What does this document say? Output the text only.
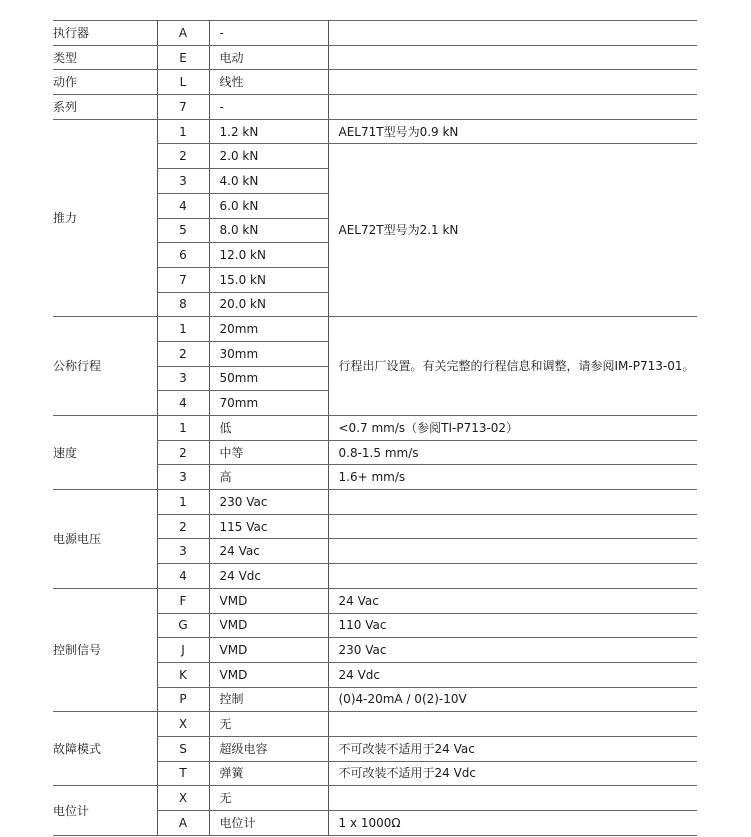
执行器	A	-	
类型	E	电动	
动作	L	线性	
系列	7	-	
推力	1	1.2 kN	AEL71T型号为0.9 kN
	2	2.0 kN	AEL72T型号为2.1 kN
	3	4.0 kN	
	4	6.0 kN	
	5	8.0 kN	
	6	12.0 kN	
	7	15.0 kN	
	8	20.0 kN	
公称行程	1	20mm	行程出厂设置。有关完整的行程信息和调整，请参阅IM-P713-01。
	2	30mm	
	3	50mm	
	4	70mm	
速度	1	低	<0.7 mm/s（参阅TI-P713-02）
	2	中等	0.8-1.5 mm/s
	3	高	1.6+ mm/s
电源电压	1	230 Vac	
	2	115 Vac	
	3	24 Vac	
	4	24 Vdc	
控制信号	F	VMD	24 Vac
	G	VMD	110 Vac
	J	VMD	230 Vac
	K	VMD	24 Vdc
	P	控制	(0)4-20mA / 0(2)-10V
故障模式	X	无	
	S	超级电容	不可改装不适用于24 Vac
	T	弹簧	不可改装不适用于24 Vdc
电位计	X	无	
	A	电位计	1 x 1000Ω
